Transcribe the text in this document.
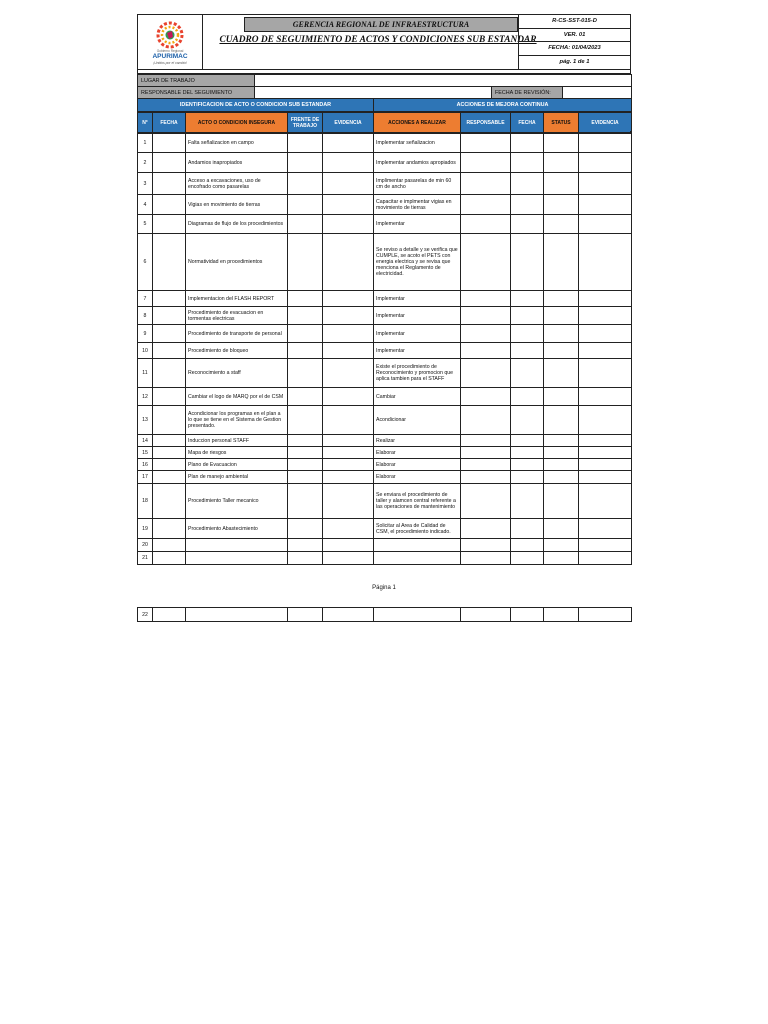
Gobierno Regional
APURIMAC
¡Unidos por el cambio!
GERENCIA REGIONAL DE INFRAESTRUCTURA
CUADRO DE SEGUIMIENTO DE ACTOS Y CONDICIONES SUB ESTANDAR
R-CS-SST-015-D
VER. 01
FECHA: 01/04/2023
pág. 1 de 1
LUGAR DE TRABAJO			
RESPONSABLE DEL SEGUIMIENTO		FECHA DE REVISIÓN:	
IDENTIFICACION DE ACTO O CONDICION SUB ESTANDAR	ACCIONES DE MEJORA CONTINUA
N°	FECHA	ACTO O CONDICION INSEGURA	FRENTE DE TRABAJO	EVIDENCIA	ACCIONES A REALIZAR	RESPONSABLE	FECHA	STATUS	EVIDENCIA
1		Falta señalizacion en campo			Implementar señalizacion				
2		Andamios inapropiados			Implementar andamios apropiados				
3		Acceso a excavaciones, uso de encofrado como pasarelas			Implimentar pasarelas de min 60 cm de ancho				
4		Vigias en movimiento de tierras			Capacitar e implmentar vigias en movimiento de tierras				
5		Diagramas de flujo de los procedimientos			Implementar				
6		Normatividad en procedimientos			Se reviso a detalle y se verifica que CUMPLE, se acoto el PETS con energia electrica y se revisa que menciona el Reglamento de electricidad.				
7		Implementacion del FLASH REPORT			Implementar				
8		Procedimiento de evacuacion en tormentas electricas			Implementar				
9		Procedimiento de transporte de personal			Implementar				
10		Procedimiento de bloqueo			Implementar				
11		Reconocimiento a staff			Existe el procedimiento de Reconocimiento y promocion que aplica tambien para el STAFF				
12		Cambiar el logo de MARQ por el de CSM			Cambiar				
13		Acondicionar los programas en el plan a lo que se tiene en el Sistema de Gestion presentado.			Acondicionar				
14		Induccion personal STAFF			Realizar				
15		Mapa de riesgos			Elaborar				
16		Plano de Evacuacion			Elaborar				
17		Plan de manejo ambiental			Elaborar				
18		Procedimiento Taller mecanico			Se enviara el procedimiento de taller y alamcen central referente a las operaciones de mantenimiento				
19		Procedimiento Abastecimiento			Solicitar al Area de Calidad de CSM, el procedimiento indicado.				
20									
21									
Página 1
22									
